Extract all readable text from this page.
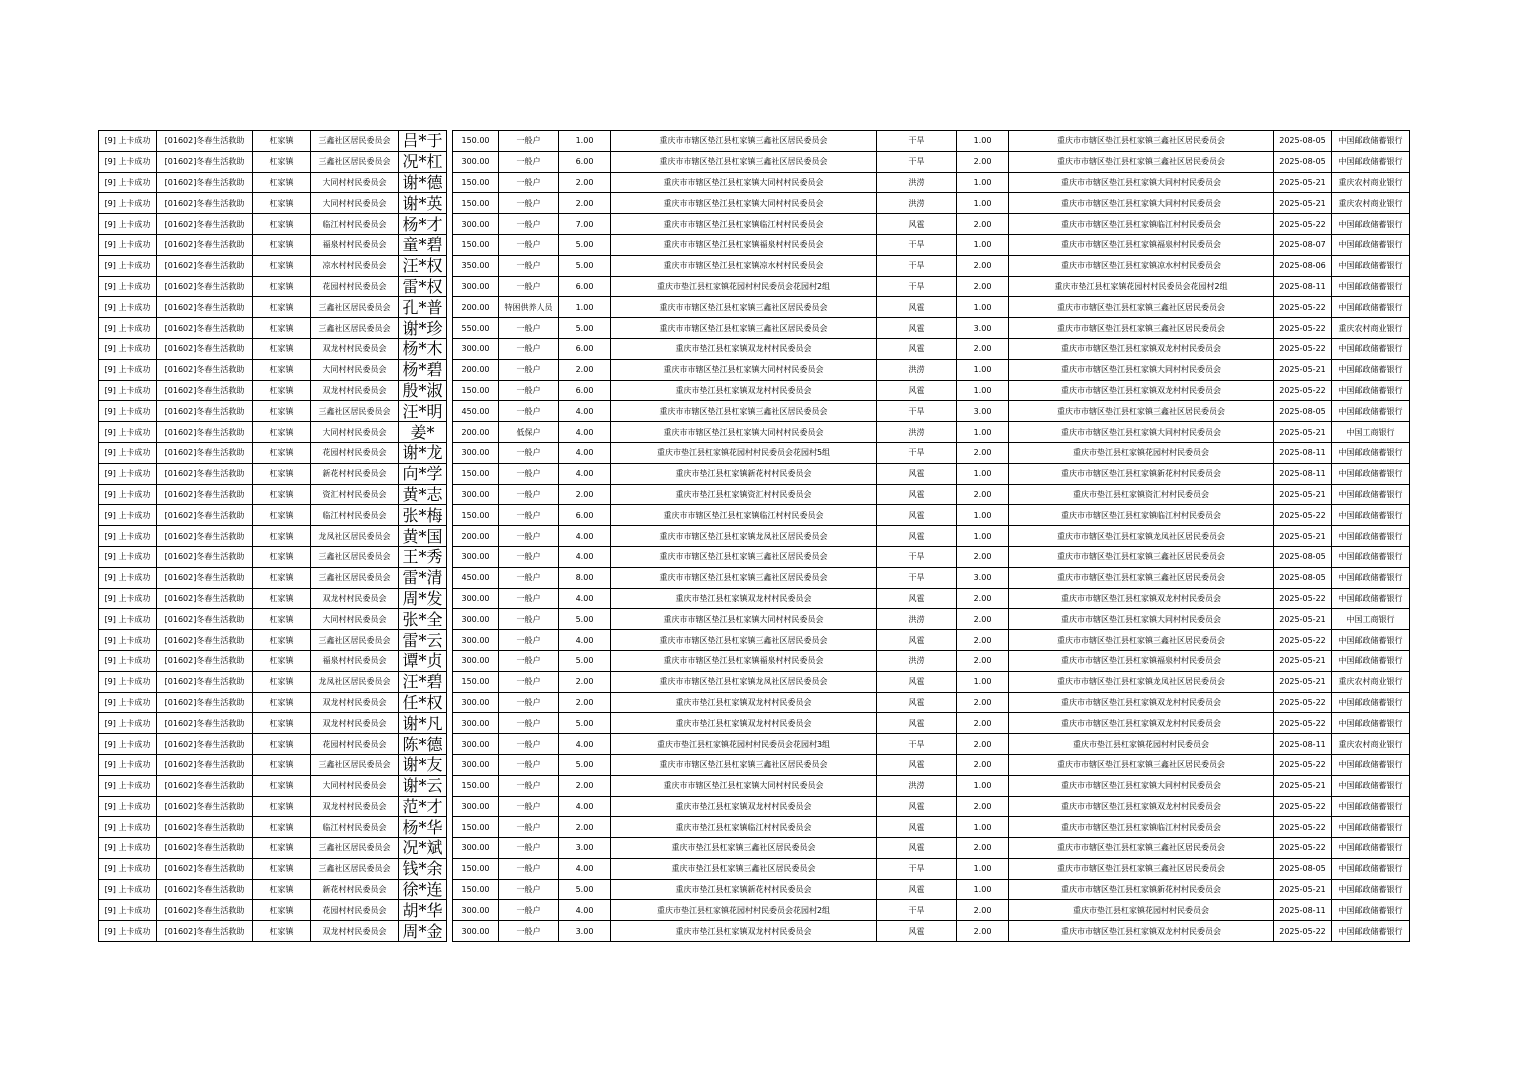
[9] 上卡成功	[01602]冬春生活救助	杠家镇	三鑫社区居民委员会	吕*于		150.00	一般户	1.00	重庆市市辖区垫江县杠家镇三鑫社区居民委员会	干旱	1.00	重庆市市辖区垫江县杠家镇三鑫社区居民委员会	2025-08-05	中国邮政储蓄银行
[9] 上卡成功	[01602]冬春生活救助	杠家镇	三鑫社区居民委员会	况*杠		300.00	一般户	6.00	重庆市市辖区垫江县杠家镇三鑫社区居民委员会	干旱	2.00	重庆市市辖区垫江县杠家镇三鑫社区居民委员会	2025-08-05	中国邮政储蓄银行
[9] 上卡成功	[01602]冬春生活救助	杠家镇	大同村村民委员会	谢*德		150.00	一般户	2.00	重庆市市辖区垫江县杠家镇大同村村民委员会	洪涝	1.00	重庆市市辖区垫江县杠家镇大同村村民委员会	2025-05-21	重庆农村商业银行
[9] 上卡成功	[01602]冬春生活救助	杠家镇	大同村村民委员会	谢*英		150.00	一般户	2.00	重庆市市辖区垫江县杠家镇大同村村民委员会	洪涝	1.00	重庆市市辖区垫江县杠家镇大同村村民委员会	2025-05-21	重庆农村商业银行
[9] 上卡成功	[01602]冬春生活救助	杠家镇	临江村村民委员会	杨*才		300.00	一般户	7.00	重庆市市辖区垫江县杠家镇临江村村民委员会	风雹	2.00	重庆市市辖区垫江县杠家镇临江村村民委员会	2025-05-22	中国邮政储蓄银行
[9] 上卡成功	[01602]冬春生活救助	杠家镇	福泉村村民委员会	童*碧		150.00	一般户	5.00	重庆市市辖区垫江县杠家镇福泉村村民委员会	干旱	1.00	重庆市市辖区垫江县杠家镇福泉村村民委员会	2025-08-07	中国邮政储蓄银行
[9] 上卡成功	[01602]冬春生活救助	杠家镇	凉水村村民委员会	汪*权		350.00	一般户	5.00	重庆市市辖区垫江县杠家镇凉水村村民委员会	干旱	2.00	重庆市市辖区垫江县杠家镇凉水村村民委员会	2025-08-06	中国邮政储蓄银行
[9] 上卡成功	[01602]冬春生活救助	杠家镇	花园村村民委员会	雷*权		300.00	一般户	6.00	重庆市垫江县杠家镇花园村村民委员会花园村2组	干旱	2.00	重庆市垫江县杠家镇花园村村民委员会花园村2组	2025-08-11	中国邮政储蓄银行
[9] 上卡成功	[01602]冬春生活救助	杠家镇	三鑫社区居民委员会	孔*普		200.00	特困供养人员	1.00	重庆市市辖区垫江县杠家镇三鑫社区居民委员会	风雹	1.00	重庆市市辖区垫江县杠家镇三鑫社区居民委员会	2025-05-22	中国邮政储蓄银行
[9] 上卡成功	[01602]冬春生活救助	杠家镇	三鑫社区居民委员会	谢*珍		550.00	一般户	5.00	重庆市市辖区垫江县杠家镇三鑫社区居民委员会	风雹	3.00	重庆市市辖区垫江县杠家镇三鑫社区居民委员会	2025-05-22	重庆农村商业银行
[9] 上卡成功	[01602]冬春生活救助	杠家镇	双龙村村民委员会	杨*木		300.00	一般户	6.00	重庆市垫江县杠家镇双龙村村民委员会	风雹	2.00	重庆市市辖区垫江县杠家镇双龙村村民委员会	2025-05-22	中国邮政储蓄银行
[9] 上卡成功	[01602]冬春生活救助	杠家镇	大同村村民委员会	杨*碧		200.00	一般户	2.00	重庆市市辖区垫江县杠家镇大同村村民委员会	洪涝	1.00	重庆市市辖区垫江县杠家镇大同村村民委员会	2025-05-21	中国邮政储蓄银行
[9] 上卡成功	[01602]冬春生活救助	杠家镇	双龙村村民委员会	殷*淑		150.00	一般户	6.00	重庆市垫江县杠家镇双龙村村民委员会	风雹	1.00	重庆市市辖区垫江县杠家镇双龙村村民委员会	2025-05-22	中国邮政储蓄银行
[9] 上卡成功	[01602]冬春生活救助	杠家镇	三鑫社区居民委员会	汪*明		450.00	一般户	4.00	重庆市市辖区垫江县杠家镇三鑫社区居民委员会	干旱	3.00	重庆市市辖区垫江县杠家镇三鑫社区居民委员会	2025-08-05	中国邮政储蓄银行
[9] 上卡成功	[01602]冬春生活救助	杠家镇	大同村村民委员会	姜*		200.00	低保户	4.00	重庆市市辖区垫江县杠家镇大同村村民委员会	洪涝	1.00	重庆市市辖区垫江县杠家镇大同村村民委员会	2025-05-21	中国工商银行
[9] 上卡成功	[01602]冬春生活救助	杠家镇	花园村村民委员会	谢*龙		300.00	一般户	4.00	重庆市垫江县杠家镇花园村村民委员会花园村5组	干旱	2.00	重庆市垫江县杠家镇花园村村民委员会	2025-08-11	中国邮政储蓄银行
[9] 上卡成功	[01602]冬春生活救助	杠家镇	新花村村民委员会	向*学		150.00	一般户	4.00	重庆市垫江县杠家镇新花村村民委员会	风雹	1.00	重庆市市辖区垫江县杠家镇新花村村民委员会	2025-08-11	中国邮政储蓄银行
[9] 上卡成功	[01602]冬春生活救助	杠家镇	资汇村村民委员会	黄*志		300.00	一般户	2.00	重庆市垫江县杠家镇资汇村村民委员会	风雹	2.00	重庆市垫江县杠家镇资汇村村民委员会	2025-05-21	中国邮政储蓄银行
[9] 上卡成功	[01602]冬春生活救助	杠家镇	临江村村民委员会	张*梅		150.00	一般户	6.00	重庆市市辖区垫江县杠家镇临江村村民委员会	风雹	1.00	重庆市市辖区垫江县杠家镇临江村村民委员会	2025-05-22	中国邮政储蓄银行
[9] 上卡成功	[01602]冬春生活救助	杠家镇	龙凤社区居民委员会	黄*国		200.00	一般户	4.00	重庆市市辖区垫江县杠家镇龙凤社区居民委员会	风雹	1.00	重庆市市辖区垫江县杠家镇龙凤社区居民委员会	2025-05-21	中国邮政储蓄银行
[9] 上卡成功	[01602]冬春生活救助	杠家镇	三鑫社区居民委员会	王*秀		300.00	一般户	4.00	重庆市市辖区垫江县杠家镇三鑫社区居民委员会	干旱	2.00	重庆市市辖区垫江县杠家镇三鑫社区居民委员会	2025-08-05	中国邮政储蓄银行
[9] 上卡成功	[01602]冬春生活救助	杠家镇	三鑫社区居民委员会	雷*清		450.00	一般户	8.00	重庆市市辖区垫江县杠家镇三鑫社区居民委员会	干旱	3.00	重庆市市辖区垫江县杠家镇三鑫社区居民委员会	2025-08-05	中国邮政储蓄银行
[9] 上卡成功	[01602]冬春生活救助	杠家镇	双龙村村民委员会	周*发		300.00	一般户	4.00	重庆市垫江县杠家镇双龙村村民委员会	风雹	2.00	重庆市市辖区垫江县杠家镇双龙村村民委员会	2025-05-22	中国邮政储蓄银行
[9] 上卡成功	[01602]冬春生活救助	杠家镇	大同村村民委员会	张*全		300.00	一般户	5.00	重庆市市辖区垫江县杠家镇大同村村民委员会	洪涝	2.00	重庆市市辖区垫江县杠家镇大同村村民委员会	2025-05-21	中国工商银行
[9] 上卡成功	[01602]冬春生活救助	杠家镇	三鑫社区居民委员会	雷*云		300.00	一般户	4.00	重庆市市辖区垫江县杠家镇三鑫社区居民委员会	风雹	2.00	重庆市市辖区垫江县杠家镇三鑫社区居民委员会	2025-05-22	中国邮政储蓄银行
[9] 上卡成功	[01602]冬春生活救助	杠家镇	福泉村村民委员会	谭*贞		300.00	一般户	5.00	重庆市市辖区垫江县杠家镇福泉村村民委员会	洪涝	2.00	重庆市市辖区垫江县杠家镇福泉村村民委员会	2025-05-21	中国邮政储蓄银行
[9] 上卡成功	[01602]冬春生活救助	杠家镇	龙凤社区居民委员会	汪*碧		150.00	一般户	2.00	重庆市市辖区垫江县杠家镇龙凤社区居民委员会	风雹	1.00	重庆市市辖区垫江县杠家镇龙凤社区居民委员会	2025-05-21	重庆农村商业银行
[9] 上卡成功	[01602]冬春生活救助	杠家镇	双龙村村民委员会	任*权		300.00	一般户	2.00	重庆市垫江县杠家镇双龙村村民委员会	风雹	2.00	重庆市市辖区垫江县杠家镇双龙村村民委员会	2025-05-22	中国邮政储蓄银行
[9] 上卡成功	[01602]冬春生活救助	杠家镇	双龙村村民委员会	谢*凡		300.00	一般户	5.00	重庆市垫江县杠家镇双龙村村民委员会	风雹	2.00	重庆市市辖区垫江县杠家镇双龙村村民委员会	2025-05-22	中国邮政储蓄银行
[9] 上卡成功	[01602]冬春生活救助	杠家镇	花园村村民委员会	陈*德		300.00	一般户	4.00	重庆市垫江县杠家镇花园村村民委员会花园村3组	干旱	2.00	重庆市垫江县杠家镇花园村村民委员会	2025-08-11	重庆农村商业银行
[9] 上卡成功	[01602]冬春生活救助	杠家镇	三鑫社区居民委员会	谢*友		300.00	一般户	5.00	重庆市市辖区垫江县杠家镇三鑫社区居民委员会	风雹	2.00	重庆市市辖区垫江县杠家镇三鑫社区居民委员会	2025-05-22	中国邮政储蓄银行
[9] 上卡成功	[01602]冬春生活救助	杠家镇	大同村村民委员会	谢*云		150.00	一般户	2.00	重庆市市辖区垫江县杠家镇大同村村民委员会	洪涝	1.00	重庆市市辖区垫江县杠家镇大同村村民委员会	2025-05-21	中国邮政储蓄银行
[9] 上卡成功	[01602]冬春生活救助	杠家镇	双龙村村民委员会	范*才		300.00	一般户	4.00	重庆市垫江县杠家镇双龙村村民委员会	风雹	2.00	重庆市市辖区垫江县杠家镇双龙村村民委员会	2025-05-22	中国邮政储蓄银行
[9] 上卡成功	[01602]冬春生活救助	杠家镇	临江村村民委员会	杨*华		150.00	一般户	2.00	重庆市垫江县杠家镇临江村村民委员会	风雹	1.00	重庆市市辖区垫江县杠家镇临江村村民委员会	2025-05-22	中国邮政储蓄银行
[9] 上卡成功	[01602]冬春生活救助	杠家镇	三鑫社区居民委员会	况*斌		300.00	一般户	3.00	重庆市垫江县杠家镇三鑫社区居民委员会	风雹	2.00	重庆市市辖区垫江县杠家镇三鑫社区居民委员会	2025-05-22	中国邮政储蓄银行
[9] 上卡成功	[01602]冬春生活救助	杠家镇	三鑫社区居民委员会	钱*余		150.00	一般户	4.00	重庆市垫江县杠家镇三鑫社区居民委员会	干旱	1.00	重庆市市辖区垫江县杠家镇三鑫社区居民委员会	2025-08-05	中国邮政储蓄银行
[9] 上卡成功	[01602]冬春生活救助	杠家镇	新花村村民委员会	徐*连		150.00	一般户	5.00	重庆市垫江县杠家镇新花村村民委员会	风雹	1.00	重庆市市辖区垫江县杠家镇新花村村民委员会	2025-05-21	中国邮政储蓄银行
[9] 上卡成功	[01602]冬春生活救助	杠家镇	花园村村民委员会	胡*华		300.00	一般户	4.00	重庆市垫江县杠家镇花园村村民委员会花园村2组	干旱	2.00	重庆市垫江县杠家镇花园村村民委员会	2025-08-11	中国邮政储蓄银行
[9] 上卡成功	[01602]冬春生活救助	杠家镇	双龙村村民委员会	周*金		300.00	一般户	3.00	重庆市垫江县杠家镇双龙村村民委员会	风雹	2.00	重庆市市辖区垫江县杠家镇双龙村村民委员会	2025-05-22	中国邮政储蓄银行
